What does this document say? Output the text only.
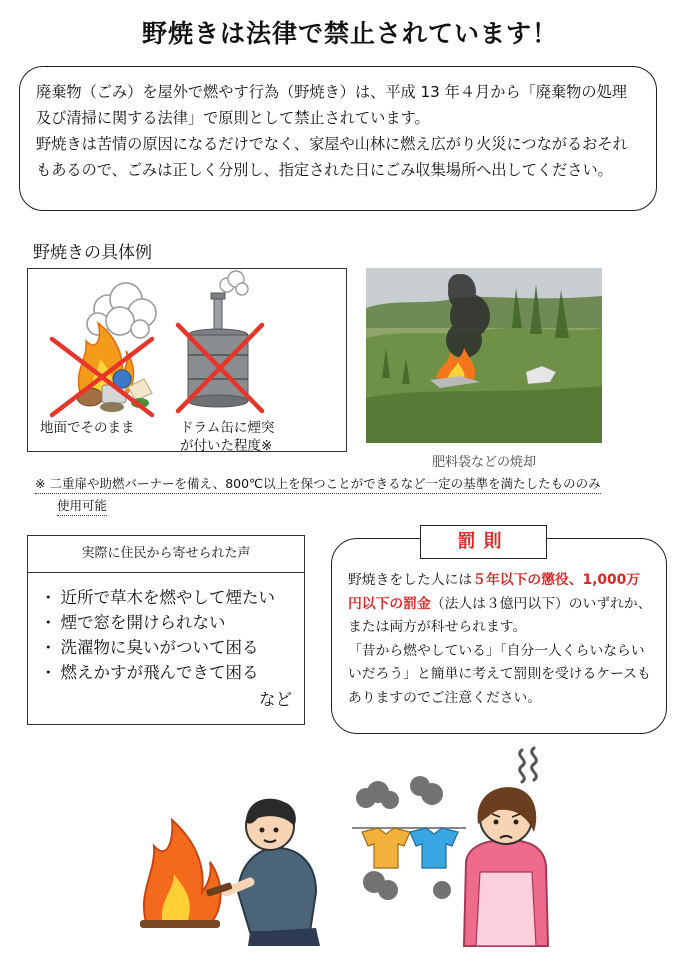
野焼きは法律で禁止されています！

廃棄物（ごみ）を屋外で燃やす行為（野焼き）は、平成 13 年４月から「廃棄物の処理及び清掃に関する法律」で原則として禁止されています。

野焼きは苦情の原因になるだけでなく、家屋や山林に燃え広がり火災につながるおそれもあるので、ごみは正しく分別し、指定された日にごみ収集場所へ出してください。

野焼きの具体例
地面でそのまま	ドラム缶に煙突
が付いた程度※
肥料袋などの焼却
※ 二重扉や助燃バーナーを備え、800℃以上を保つことができるなど一定の基準を満たしたもののみ
使用可能
実際に住民から寄せられた声
・ 近所で草木を燃やして煙たい
・ 煙で窓を開けられない
・ 洗濯物に臭いがついて困る
・ 燃えかすが飛んできて困る
など

野焼きをした人には５年以下の懲役、1,000万円以下の罰金（法人は３億円以下）のいずれか、または両方が科せられます。

「昔から燃やしている」「自分一人くらいならいいだろう」と簡単に考えて罰則を受けるケースもありますのでご注意ください。

罰則
